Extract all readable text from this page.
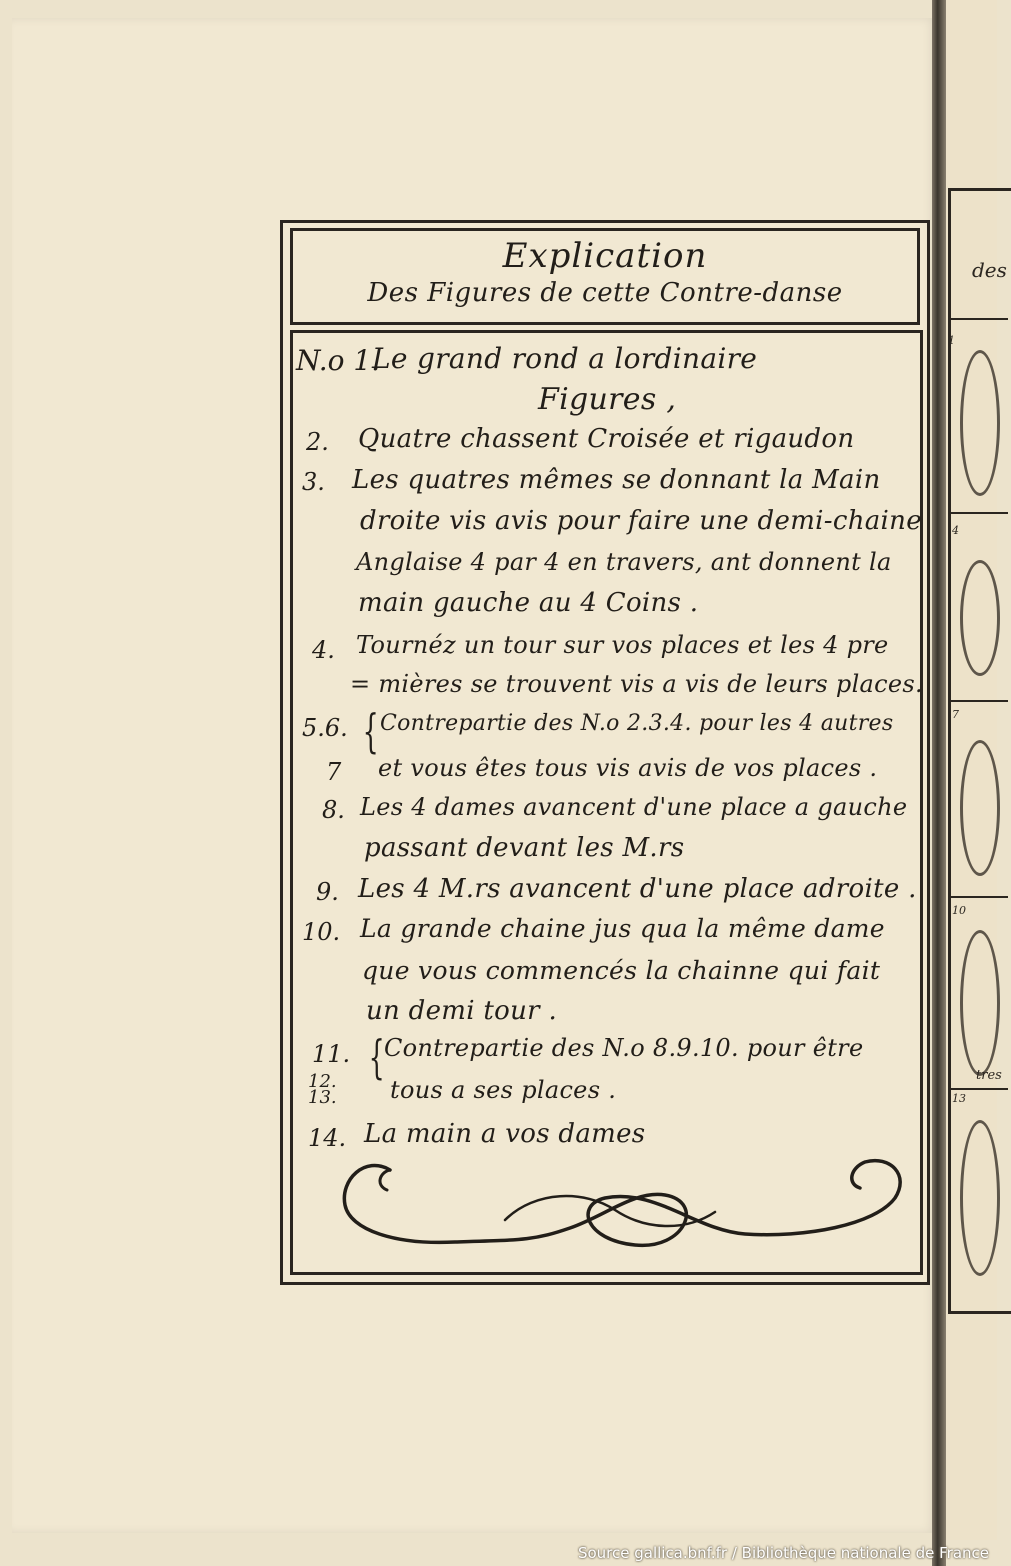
des
1
4
7
10
13
tres
Explication
Des Figures de cette Contre-danse
N.o 1.
Le grand rond a lordinaire
Figures ,
2. Quatre chassent Croisée et rigaudon
3. Les quatres mêmes se donnant la Main
droite vis avis pour faire une demi-chaine
Anglaise 4 par 4 en travers, ant donnent la
main gauche au 4 Coins .
4. Tournéz un tour sur vos places et les 4 pre
= mières se trouvent vis a vis de leurs places.
5.6. { Contrepartie des N.o 2.3.4. pour les 4 autres
7 et vous êtes tous vis avis de vos places .
8. Les 4 dames avancent d'une place a gauche
passant devant les M.rs
9. Les 4 M.rs avancent d'une place adroite .
10. La grande chaine jus qua la même dame
que vous commencés la chainne qui fait
un demi tour .
11. { Contrepartie des N.o 8.9.10. pour être
12. 13. tous a ses places .
14. La main a vos dames
Source gallica.bnf.fr / Bibliothèque nationale de France
